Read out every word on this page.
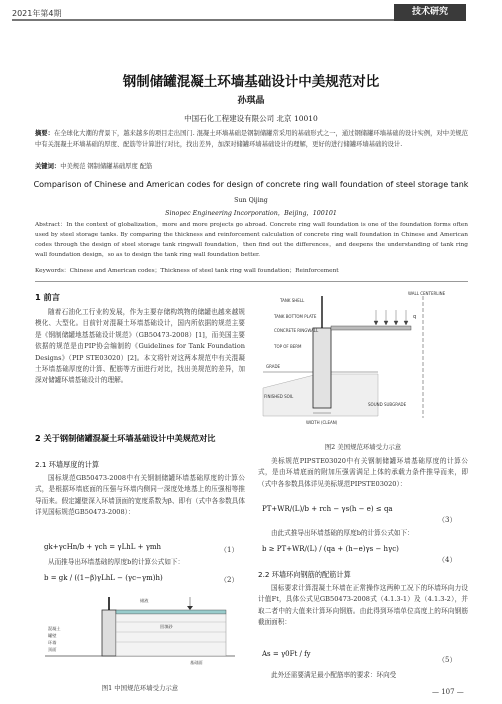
2021年第4期	技术研究
钢制储罐混凝土环墙基础设计中美规范对比
孙琪晶
中国石化工程建设有限公司 北京 10010
摘要：在全球化大潮的背景下，越来越多的项目走出国门. 混凝土环墙基础是钢制储罐常采用的基础形式之一，通过钢储罐环墙基础的设计实例，对中美规范中有关混凝土环墙基础的厚度、配筋等计算进行对比，找出差异，加深对储罐环墙基础设计的理解，更好的进行储罐环墙基础的设计.
关键词：中美规范 钢制储罐基础厚度 配筋
Comparison of Chinese and American codes for design of concrete ring wall foundation of steel storage tank
Sun Qijing
Sinopec Engineering Incorporation，Beijing，100101
Abstract：In the context of globalization，more and more projects go abroad. Concrete ring wall foundation is one of the foundation forms often used by steel storage tanks. By comparing the thickness and reinforcement calculation of concrete ring wall foundation in Chinese and American codes through the design of steel storage tank ringwall foundation，then find out the differences，and deepens the understanding of tank ring wall foundation design，so as to design the tank ring wall foundation better.
Keywords：Chinese and American codes；Thickness of steel tank ring wall foundation；Reinforcement
1 前言
随着石油化工行业的发展，作为主要存储构筑物的储罐也越来越规模化、大型化。目前针对混凝土环墙基础设计，国内所依据的规范主要是《钢制储罐地基基础设计规范》（GB50473-2008）[1]，而美国主要依据的规范是由PIP协会编制的《Guidelines for Tank Foundation Designs》（PIP STE03020）[2]。本文将针对这两本规范中有关混凝土环墙基础厚度的计算、配筋等方面进行对比，找出美规范的差异，加深对储罐环墙基础设计的理解。
2 关于钢制储罐混凝土环墙基础设计中美规范对比
2.1 环墙厚度的计算
国标规范GB50473-2008中有关钢制储罐环墙基础厚度的计算公式，是根据环墙底面的压强与环墙内侧同一深度处地基上的压强相等推导而来。假定罐壁深入环墙顶面的宽度系数为β、即有（式中各参数具体详见国标规范GB50473-2008）：
gk+γcHn/b + γch = γLhL + γmh	（1）
从而推导出环墙基础的厚度b的计算公式如下：
b = gk / ((1−β)γLhL − (γc−γm)h)	（2）
罐壁
环墙
顶面
储液
回填砂
混凝土
基础面
图1 中国规范环墙受力示意
TANK SHELL
TANK BOTTOM PLATE
CONCRETE RINGWALL
TOP OF BERM
GRADE
FINISHED SOIL
WIDTH (CLEAN)
SOUND SUBGRADE
WALL CENTERLINE
q
图2 美国规范环墙受力示意
美标规范PIPSTE03020中有关钢制储罐环墙基础厚度的计算公式，是由环墙底面的附加压强需满足上体的承载力条件推导而来，即（式中各参数具体详见美标规范PIPSTE03020）：
PT+WR/(L)/b + rch − γs(h − e) ≤ qa
（3）
由此式推导出环墙基础的厚度b的计算公式如下：
b ≥ PT+WR/(L) / (qa + (h−e)γs − hγc)
（4）
2.2 环墙环向钢筋的配筋计算
国标要求计算混凝土环墙在正常操作这两种工况下的环墙环向力设计值Ft，具体公式见GB50473-2008式（4.1.3-1）及（4.1.3-2），并取二者中的大值来计算环向钢筋。由此得到环墙单位高度上的环向钢筋截面面积：
As = γ0Ft / fy
（5）
此外还需要满足最小配筋率的要求：环向受
— 107 —
